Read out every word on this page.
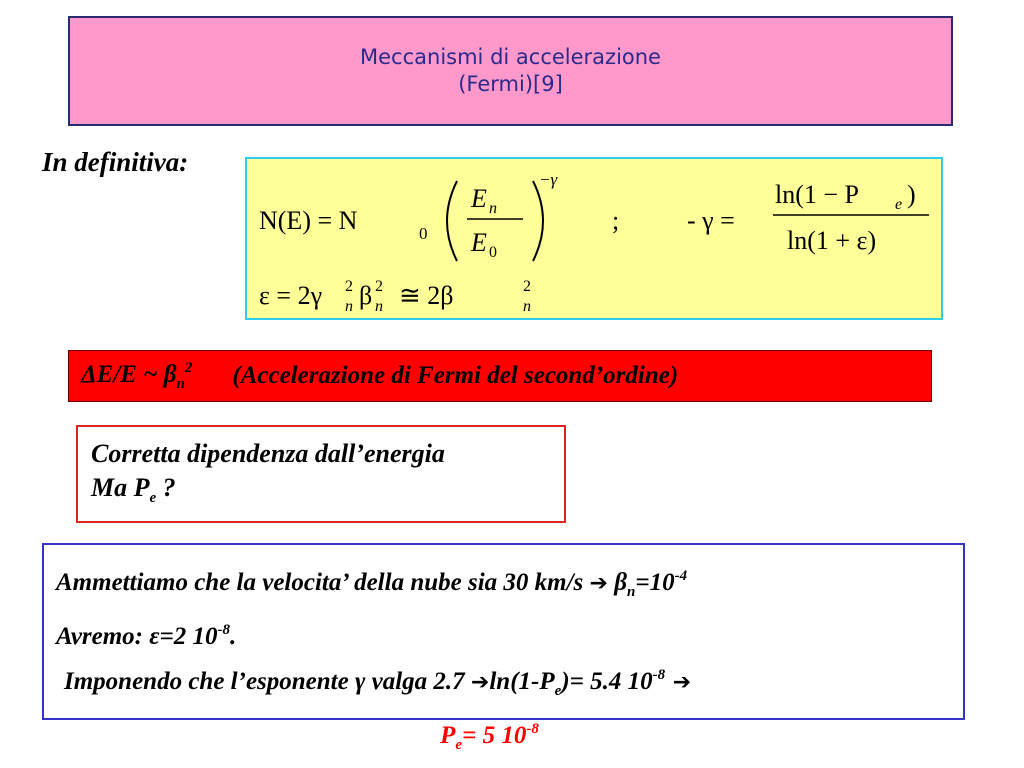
Meccanismi di accelerazione
(Fermi)[9]
In definitiva:
N(E) = N	0
E n
E 0
−γ
;	- γ =
ln(1 − P e )
ln(1 + ε)
ε = 2γ 2
n β 2
n ≅ 2β	2
n
ΔE/E ~ $\beta_n^2$ (Accelerazione di Fermi del second’ordine)
Corretta dipendenza dall’energia
Ma $P_e$ ?
Ammettiamo che la velocita’ della nube sia 30 km/s ➔ $\beta_n=10^{-4}$
Avremo: ε=2 $10^{-8}$.
Imponendo che l’esponente γ valga 2.7 $➔\ln(1-P_e)= 5.4$ $10^{-8}$ ➔
$P_e= 5$ $10^{-8}$
